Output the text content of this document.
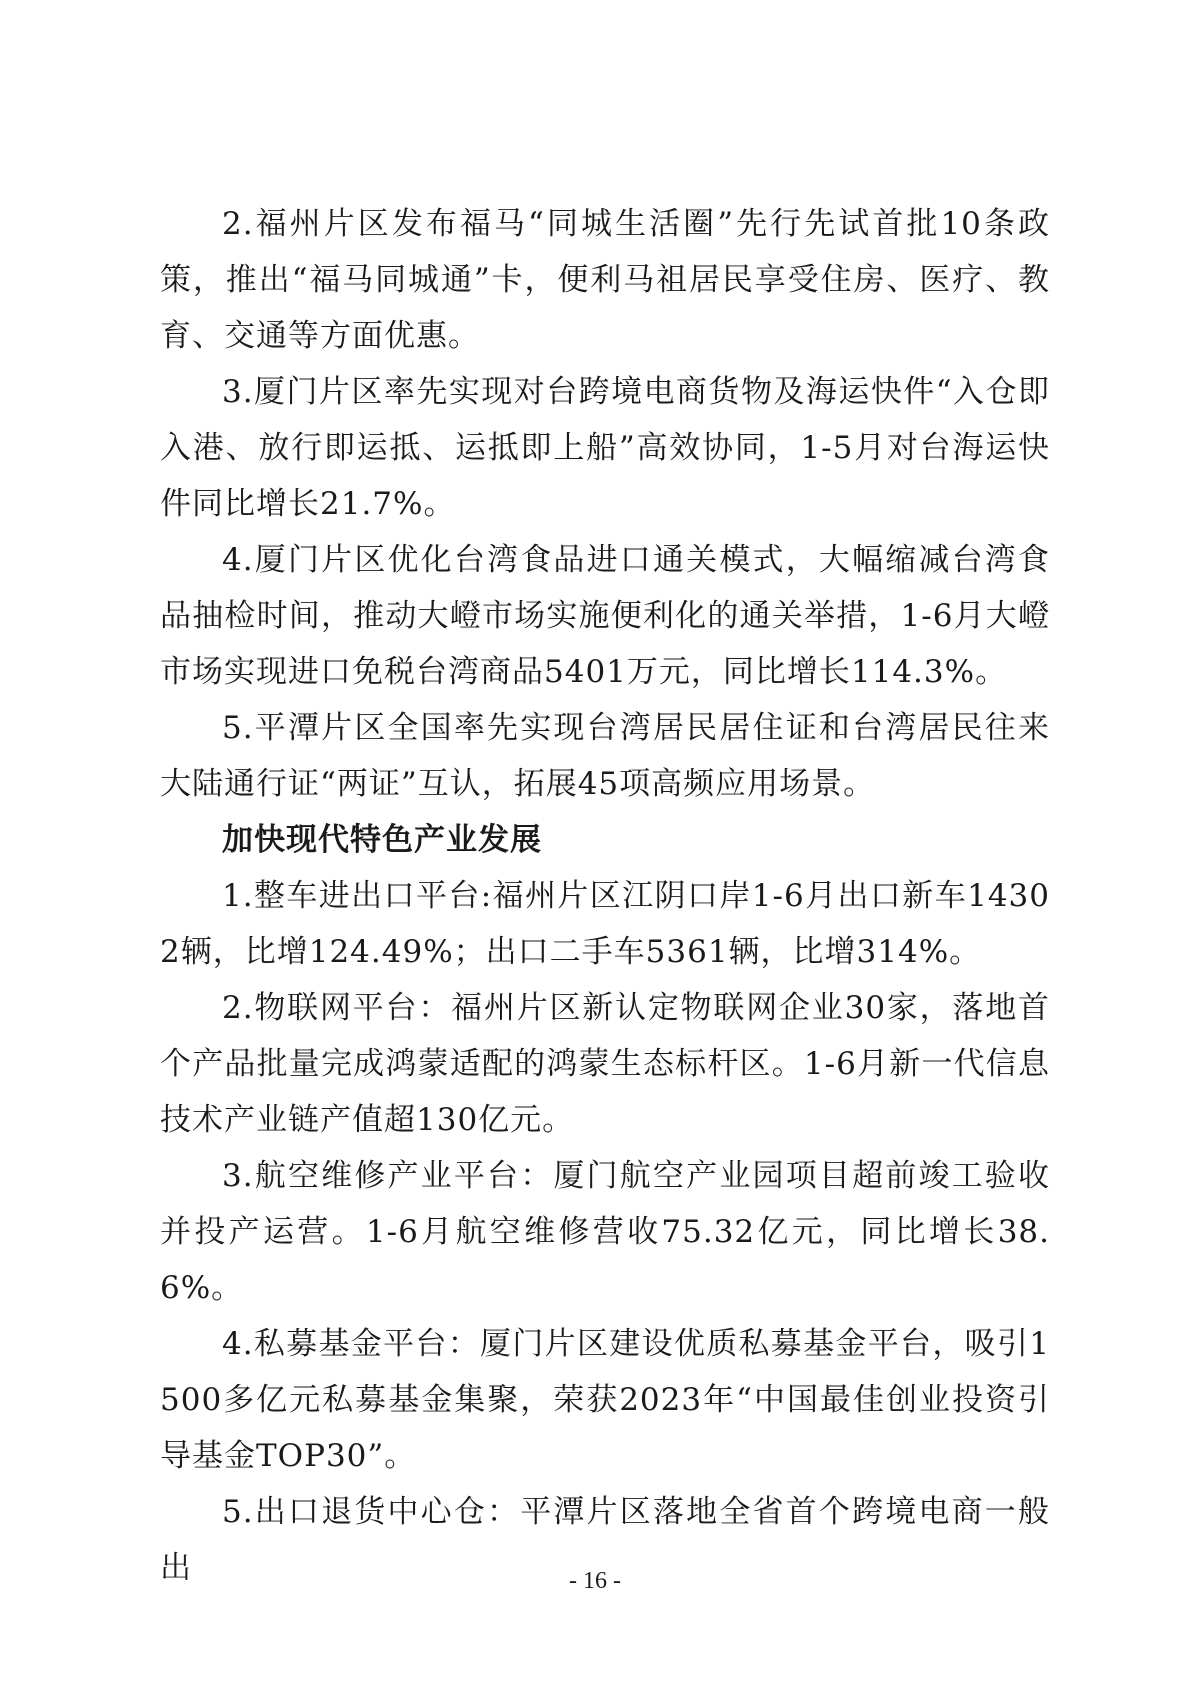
2.福州片区发布福马“同城生活圈”先行先试首批10条政策，推出“福马同城通”卡，便利马祖居民享受住房、医疗、教育、交通等方面优惠。

3.厦门片区率先实现对台跨境电商货物及海运快件“入仓即入港、放行即运抵、运抵即上船”高效协同，1-5月对台海运快件同比增长21.7%。

4.厦门片区优化台湾食品进口通关模式，大幅缩减台湾食品抽检时间，推动大嶝市场实施便利化的通关举措，1-6月大嶝市场实现进口免税台湾商品5401万元，同比增长114.3%。

5.平潭片区全国率先实现台湾居民居住证和台湾居民往来大陆通行证“两证”互认，拓展45项高频应用场景。

加快现代特色产业发展

1.整车进出口平台:福州片区江阴口岸1-6月出口新车14302辆，比增124.49%；出口二手车5361辆，比增314%。

2.物联网平台：福州片区新认定物联网企业30家，落地首个产品批量完成鸿蒙适配的鸿蒙生态标杆区。1-6月新一代信息技术产业链产值超130亿元。

3.航空维修产业平台：厦门航空产业园项目超前竣工验收并投产运营。1-6月航空维修营收75.32亿元，同比增长38.6%。

4.私募基金平台：厦门片区建设优质私募基金平台，吸引1500多亿元私募基金集聚，荣获2023年“中国最佳创业投资引导基金TOP30”。

5.出口退货中心仓：平潭片区落地全省首个跨境电商一般出	- 16 -
